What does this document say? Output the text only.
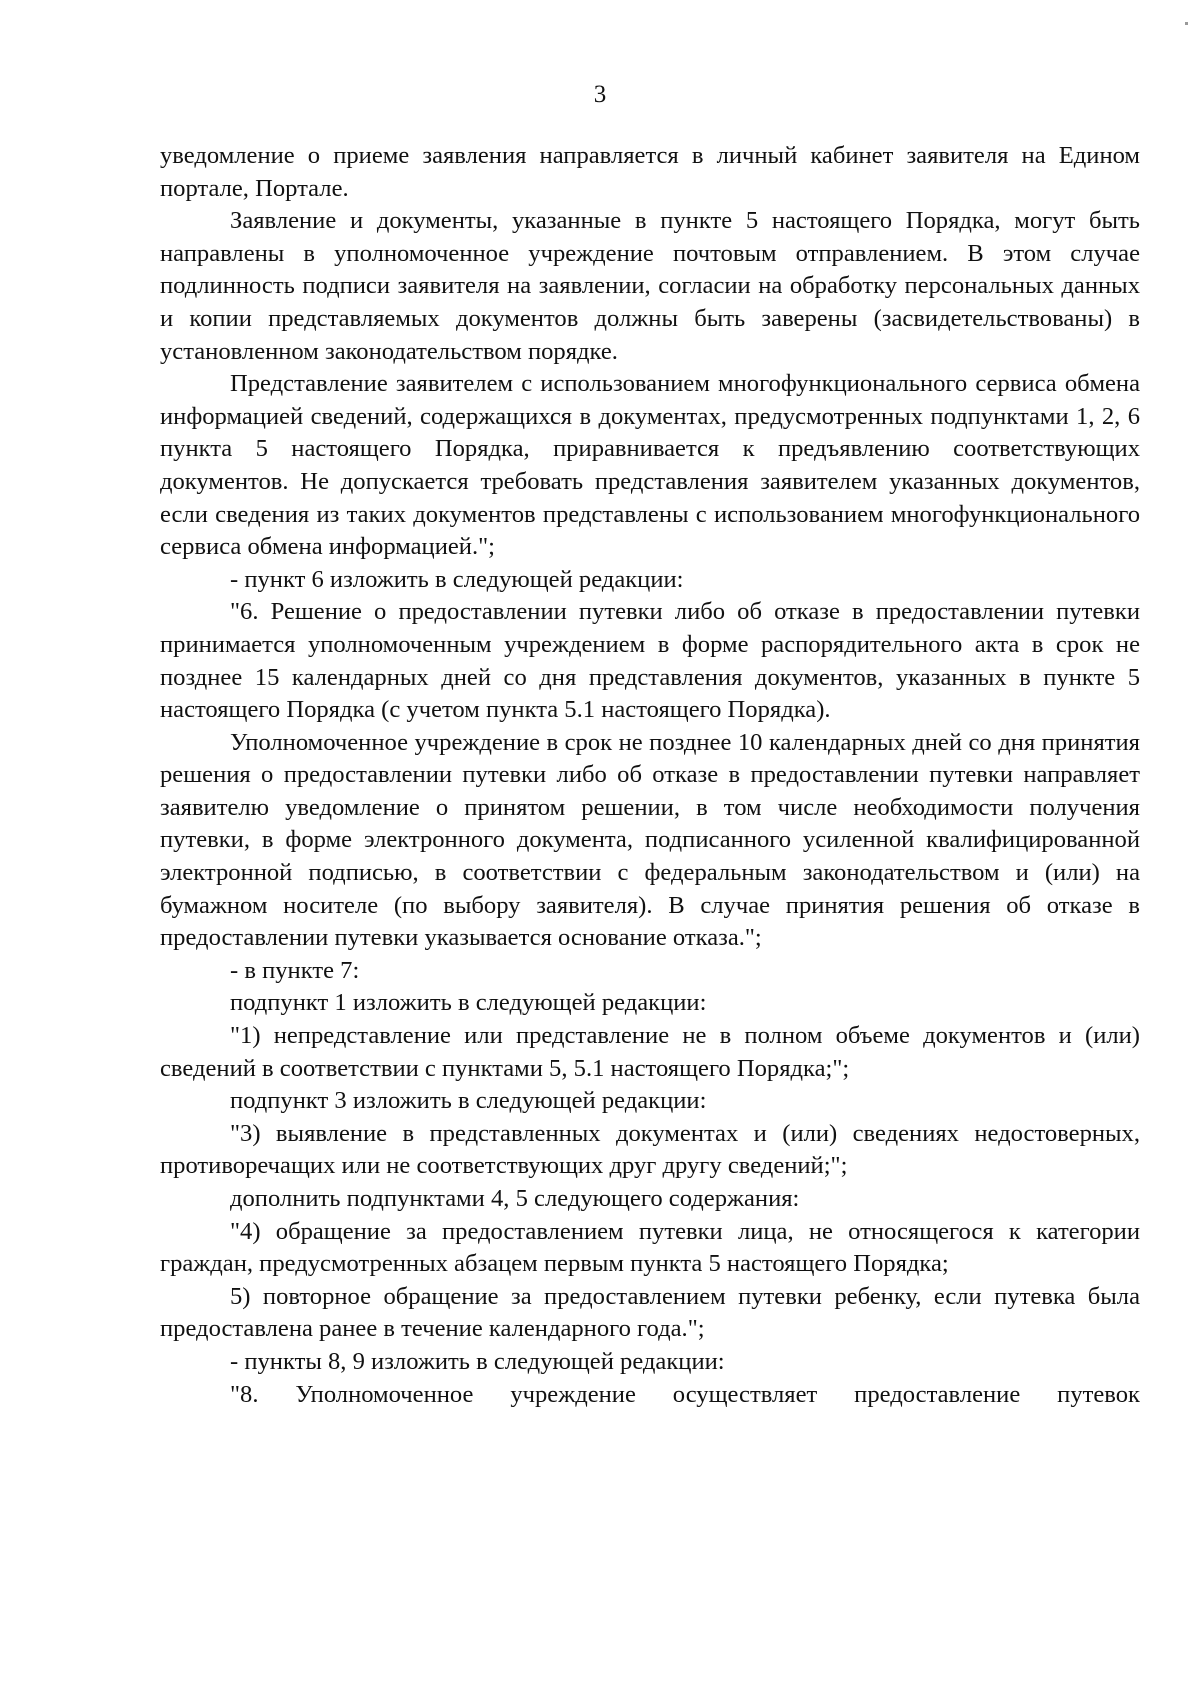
3

уведомление о приеме заявления направляется в личный кабинет заявителя на Едином портале, Портале.

Заявление и документы, указанные в пункте 5 настоящего Порядка, могут быть направлены в уполномоченное учреждение почтовым отправлением. В этом случае подлинность подписи заявителя на заявлении, согласии на обработку персональных данных и копии представляемых документов должны быть заверены (засвидетельствованы) в установленном законодательством порядке.

Представление заявителем с использованием многофункционального сервиса обмена информацией сведений, содержащихся в документах, предусмотренных подпунктами 1, 2, 6 пункта 5 настоящего Порядка, приравнивается к предъявлению соответствующих документов. Не допускается требовать представления заявителем указанных документов, если сведения из таких документов представлены с использованием многофункционального сервиса обмена информацией.";

- пункт 6 изложить в следующей редакции:

"6. Решение о предоставлении путевки либо об отказе в предоставлении путевки принимается уполномоченным учреждением в форме распорядительного акта в срок не позднее 15 календарных дней со дня представления документов, указанных в пункте 5 настоящего Порядка (с учетом пункта 5.1 настоящего Порядка).

Уполномоченное учреждение в срок не позднее 10 календарных дней со дня принятия решения о предоставлении путевки либо об отказе в предоставлении путевки направляет заявителю уведомление о принятом решении, в том числе необходимости получения путевки, в форме электронного документа, подписанного усиленной квалифицированной электронной подписью, в соответствии с федеральным законодательством и (или) на бумажном носителе (по выбору заявителя). В случае принятия решения об отказе в предоставлении путевки указывается основание отказа.";

- в пункте 7:

подпункт 1 изложить в следующей редакции:

"1) непредставление или представление не в полном объеме документов и (или) сведений в соответствии с пунктами 5, 5.1 настоящего Порядка;";

подпункт 3 изложить в следующей редакции:

"3) выявление в представленных документах и (или) сведениях недостоверных, противоречащих или не соответствующих друг другу сведений;";

дополнить подпунктами 4, 5 следующего содержания:

"4) обращение за предоставлением путевки лица, не относящегося к категории граждан, предусмотренных абзацем первым пункта 5 настоящего Порядка;

5) повторное обращение за предоставлением путевки ребенку, если путевка была предоставлена ранее в течение календарного года.";

- пункты 8, 9 изложить в следующей редакции:

"8. Уполномоченное учреждение осуществляет предоставление путевок
